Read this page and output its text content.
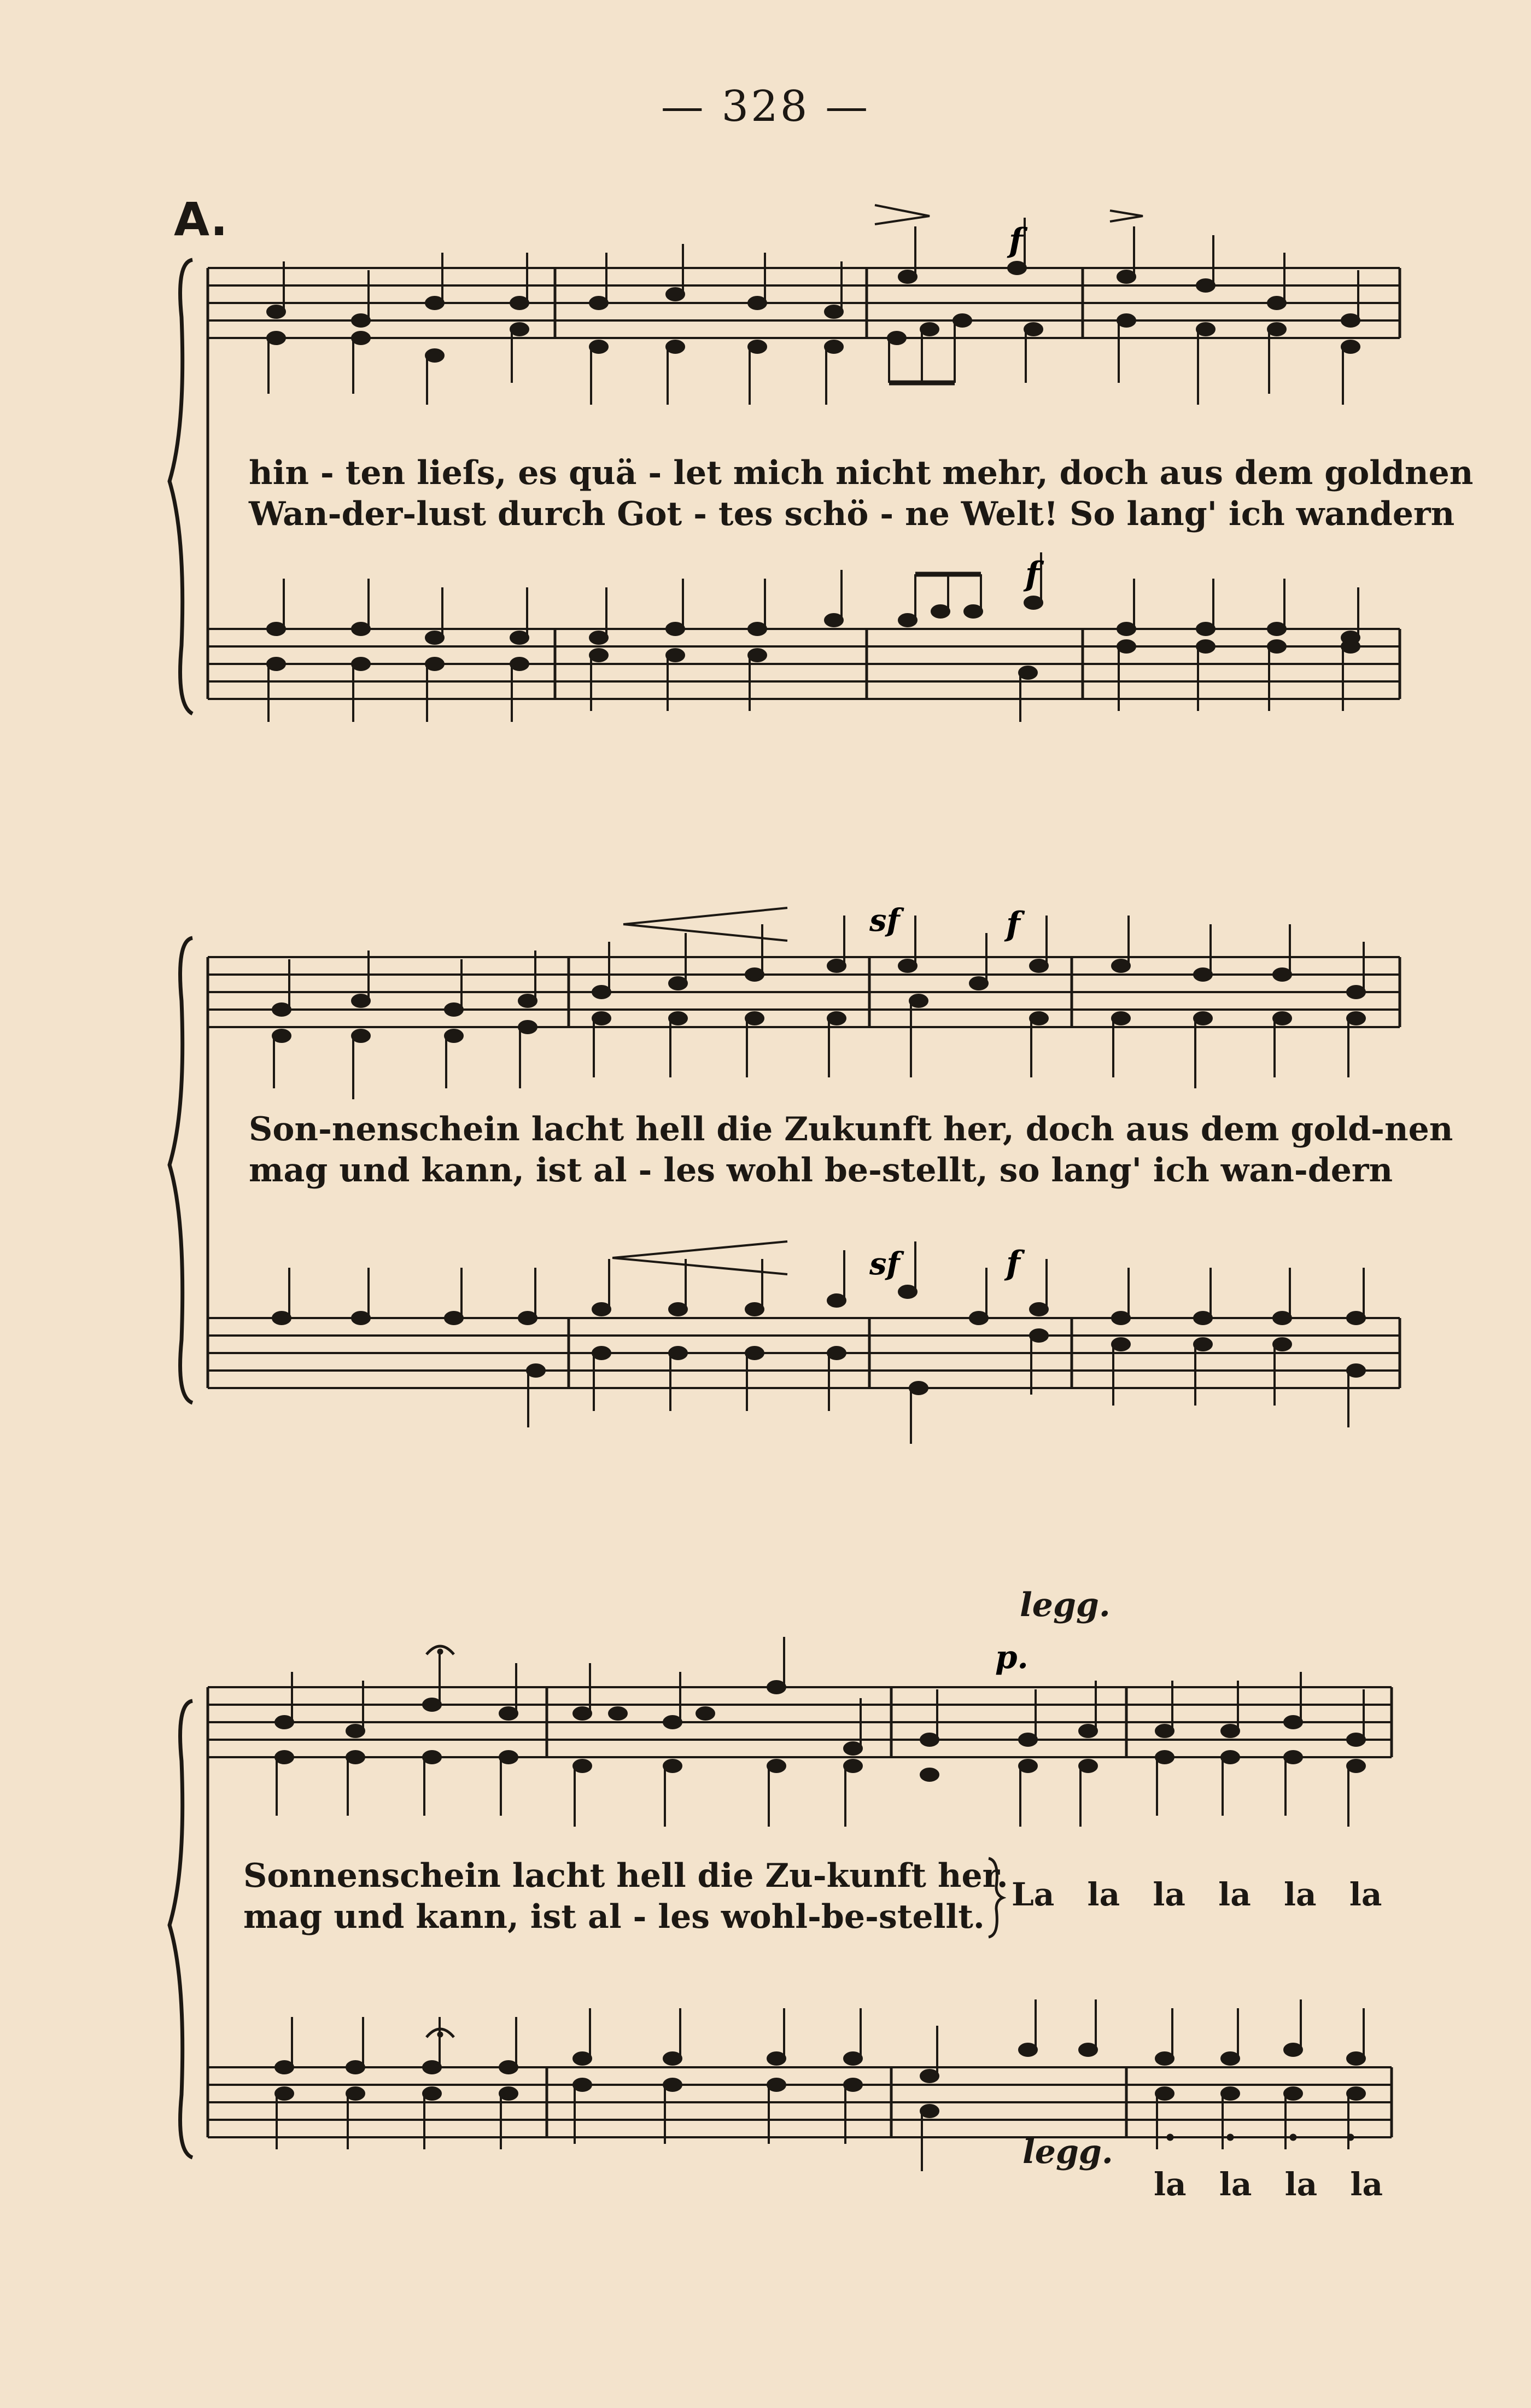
— 328 —
A.	f
f
hin - ten lieſs, es quä - let mich nicht mehr, doch aus dem goldnen
Wan-der-lust durch Got - tes schö - ne Welt! So lang' ich wandern
sf	f
sf	f
Son-nenschein lacht hell die Zukunft her, doch aus dem gold-nen
mag und kann, ist al - les wohl be-stellt, so lang' ich wan-dern
p.
legg.
Sonnenschein lacht hell die Zu-kunft her.
mag und kann, ist al - les wohl-be-stellt.
La la la la la la
legg.
la la la la
